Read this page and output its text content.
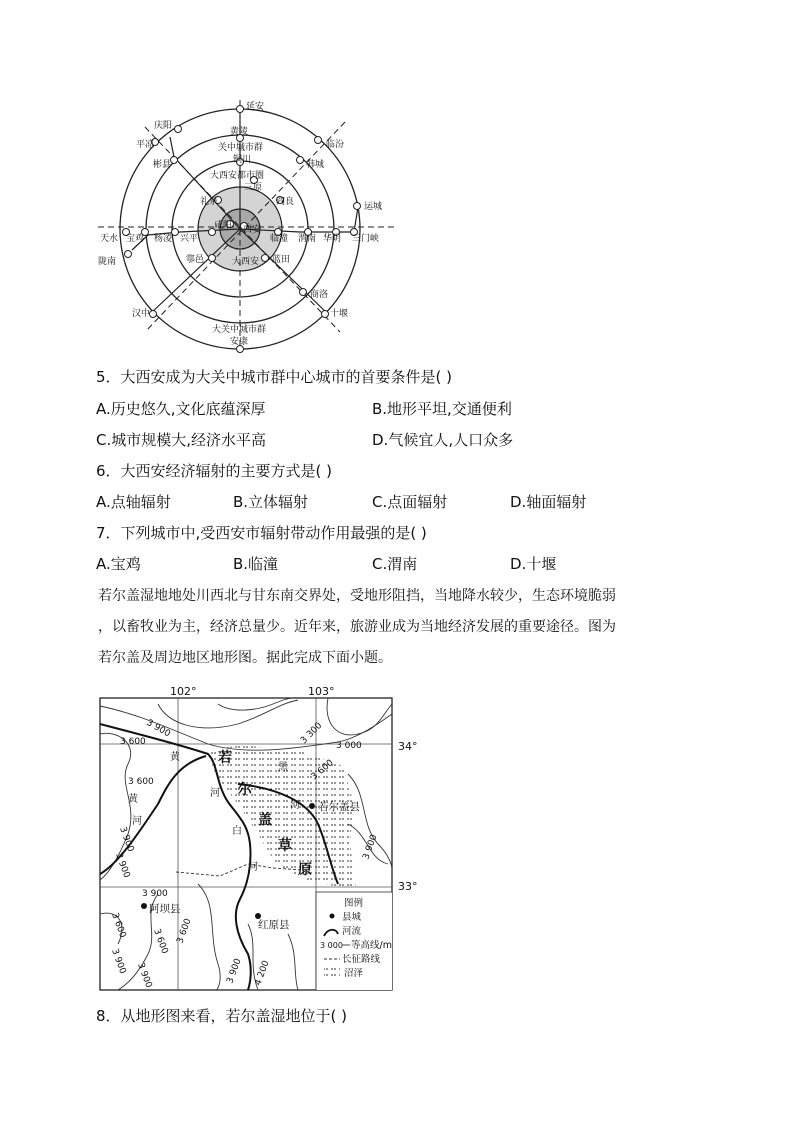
延安
庆阳
黄陵
临汾
平凉	关中城市群
彬县	铜川	韩城
大西安都市圈
三原
运城
礼泉	阎良
天水 宝鸡 杨凌 兴平
咸阳 西安
临潼 渭南 华阴 三门峡
陇南	鄠邑	大西安 蓝田
商洛
汉中	十堰
大关中城市群
安康
5．大西安成为大关中城市群中心城市的首要条件是( )
A.历史悠久,文化底蕴深厚	B.地形平坦,交通便利
C.城市规模大,经济水平高	D.气候宜人,人口众多
6．大西安经济辐射的主要方式是( )
A.点轴辐射	B.立体辐射	C.点面辐射	D.轴面辐射
7．下列城市中,受西安市辐射带动作用最强的是( )
A.宝鸡	B.临潼	C.渭南	D.十堰
若尔盖湿地地处川西北与甘东南交界处，受地形阻挡，当地降水较少，生态环境脆弱
，以畜牧业为主，经济总量少。近年来，旅游业成为当地经济发展的重要途径。图为
若尔盖及周边地区地形图。据此完成下面小题。
102°	103°
34°
33°
若尔盖县
阿坝县
红原县
若
尔
盖
草
原
黄
河
黄
河
白
河
河
黑
3 900
3 600
3 600
3 900
3 900
3 300 3 000
3 600
3 900
3 900
3 600
3 600
3 900
3 600
3 900	3 900 4 200
图例
县城
河流
3 000 等高线/m
长征路线
沼泽
8．从地形图来看，若尔盖湿地位于( )
